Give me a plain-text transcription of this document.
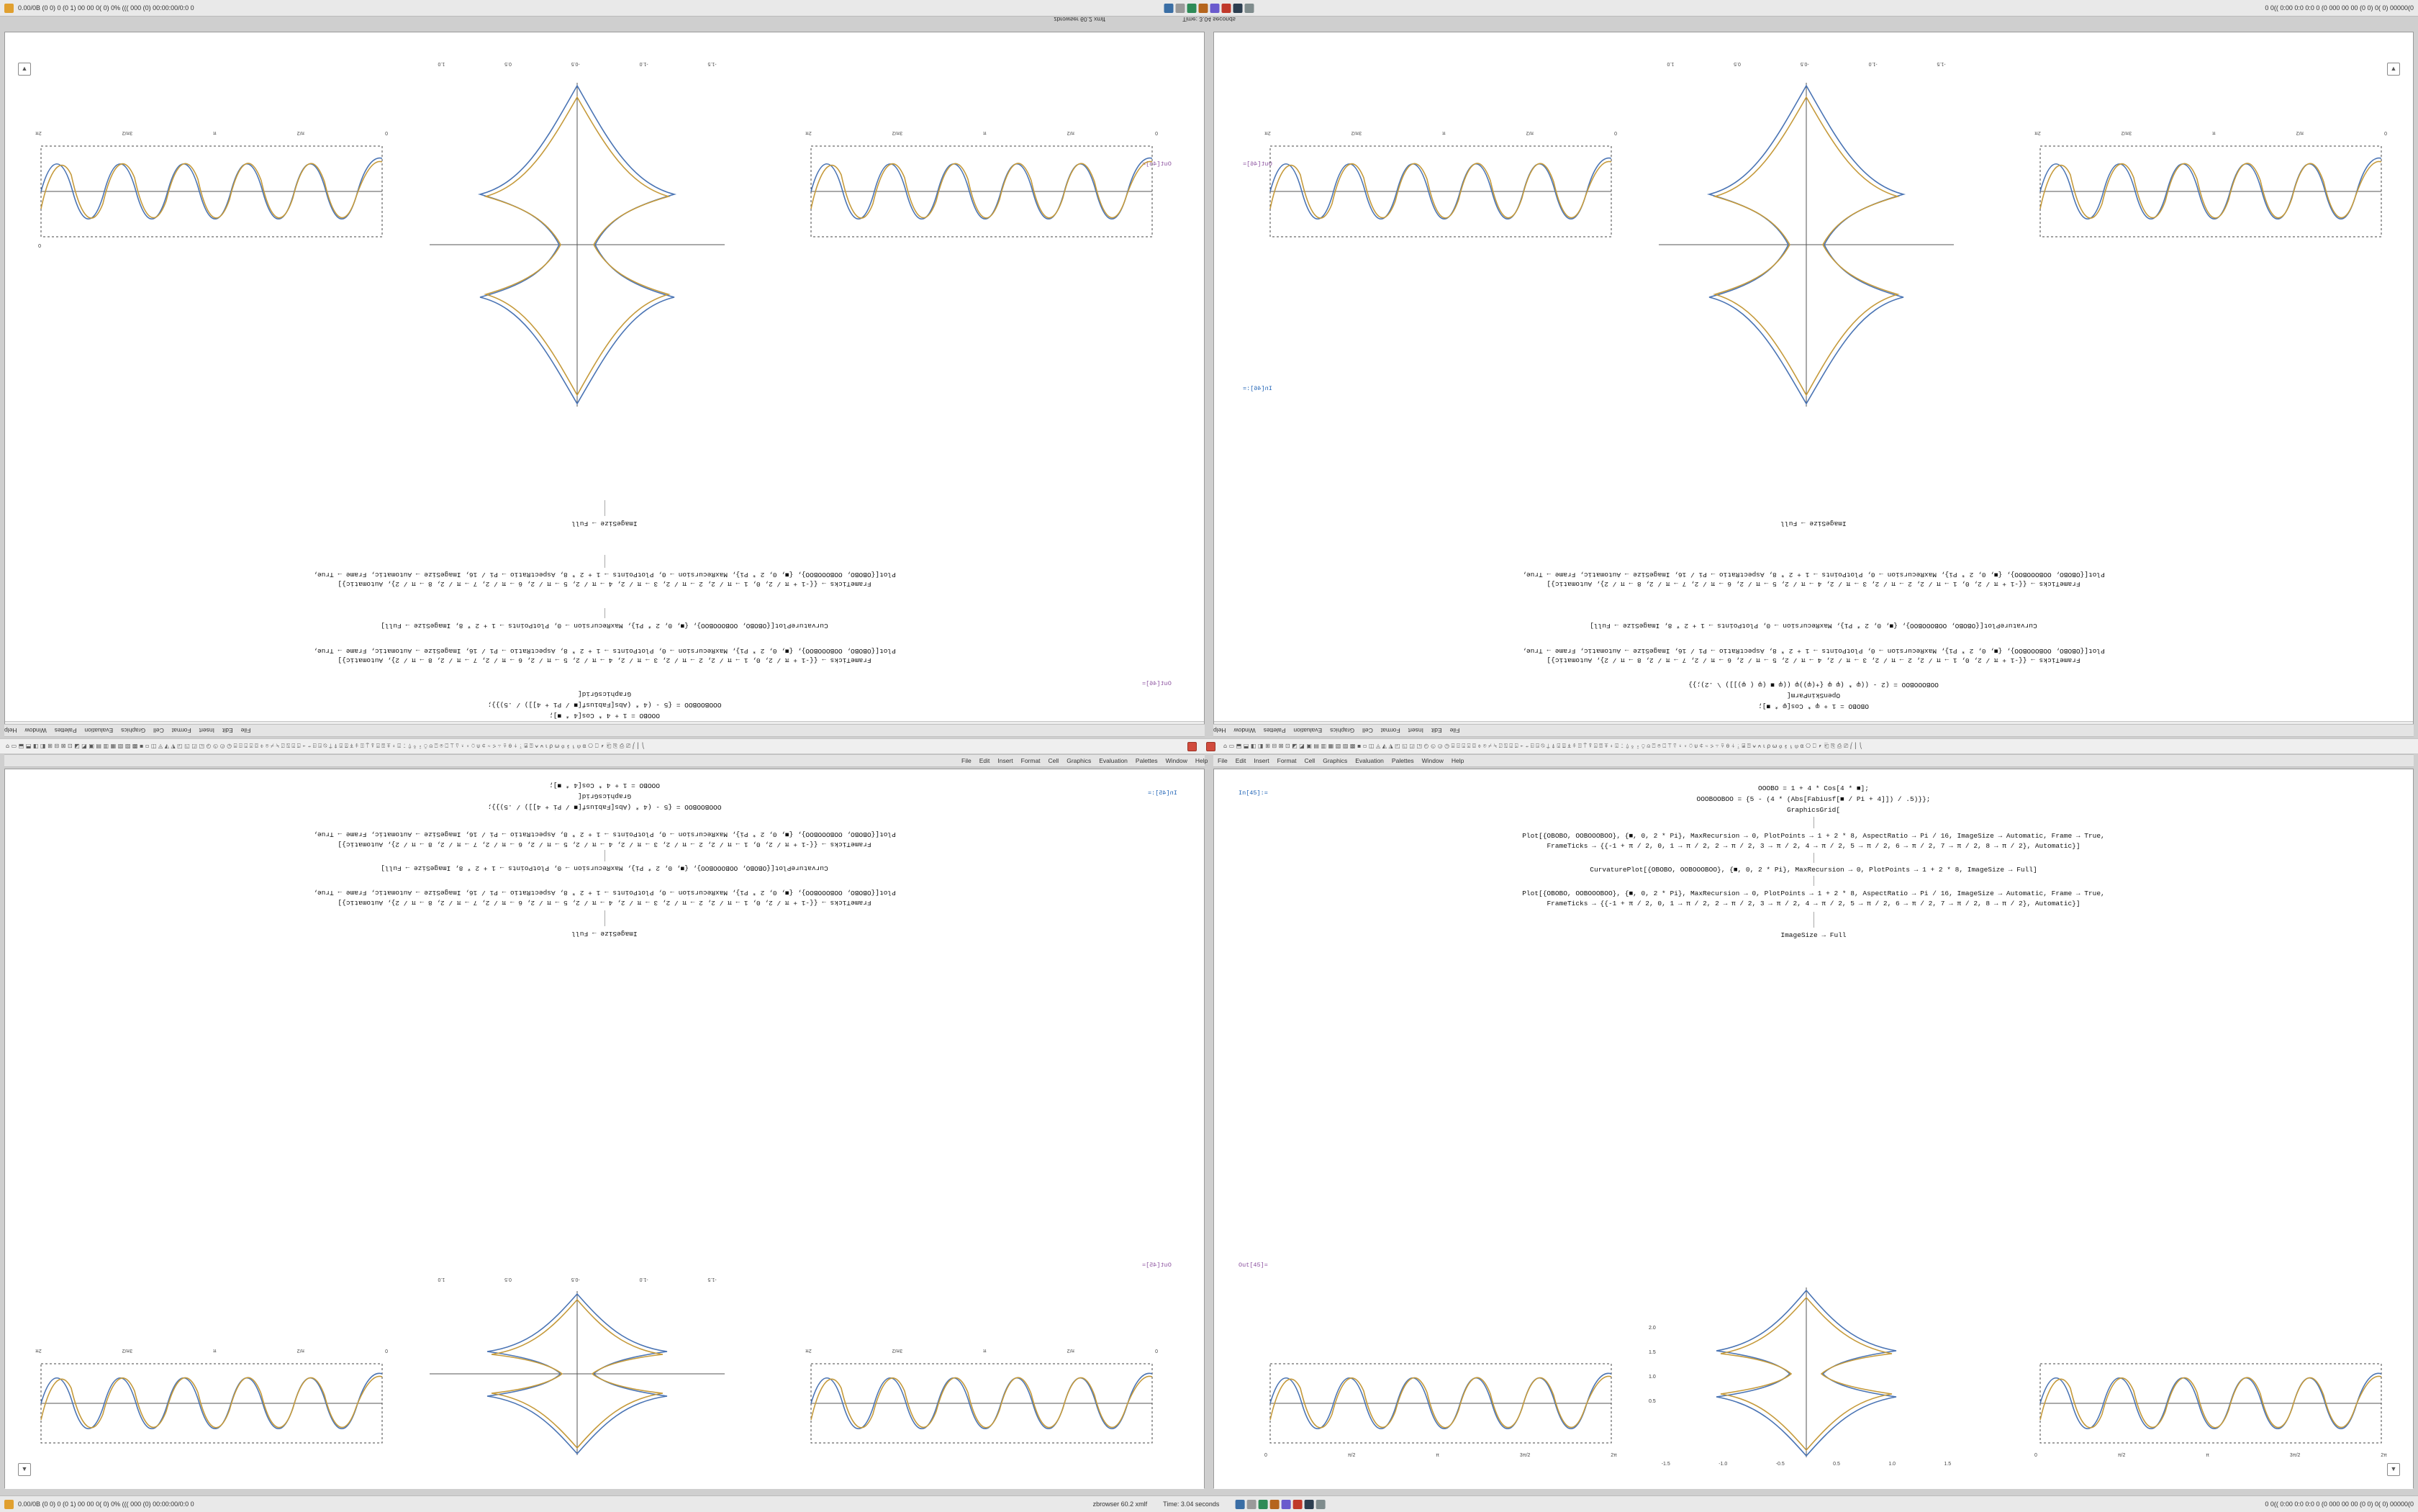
0.00/0B (0 0) 0 (0 1) 00 00 0( 0) 0% ((( 000 (0) 00:00:00/0:0 0	0 0(( 0:00 0:0 0:0 0 (0 000 00 00 (0 0) 0( 0) 00000(0
Time: 3.04 seconds
zbrowser 60.2 xmlf
▲
Out[46]=
Out[46]=
0
0
π/2
π
3π/2
2π
-1.5
-1.0
-0.5
0.5
1.0
0
π/2
π
3π/2
2π
ImageSize → Full
FrameTicks → {{-1 + π / 2, 0, 1 → π / 2, 2 → π / 2, 3 → π / 2, 4 → π / 2, 5 → π / 2, 6 → π / 2, 7 → π / 2, 8 → π / 2}, Automatic}]
Plot[{OBOBO, OOBOOOBOO}, {■, 0, 2 * Pi}, MaxRecursion → 0, PlotPoints → 1 + 2 * 8, AspectRatio → Pi / 16, ImageSize → Automatic, Frame → True,
CurvaturePlot[{OBOBO, OOBOOOBOO}, {■, 0, 2 * Pi}, MaxRecursion → 0, PlotPoints → 1 + 2 * 8, ImageSize → Full]
FrameTicks → {{-1 + π / 2, 0, 1 → π / 2, 2 → π / 2, 3 → π / 2, 4 → π / 2, 5 → π / 2, 6 → π / 2, 7 → π / 2, 8 → π / 2}, Automatic}]
Plot[{OBOBO, OOBOOOBOO}, {■, 0, 2 * Pi}, MaxRecursion → 0, PlotPoints → 1 + 2 * 8, AspectRatio → Pi / 16, ImageSize → Automatic, Frame → True,
GraphicsGrid[
OOOBOOBOO = {5 - (4 * (Abs[Fabiusf[■ / Pi + 4]]) / .5)}};
OOOBO = 1 + 4 * Cos[4 * ■];
▲
Out[46]=
In[46]:=
0
π/2
π
3π/2
2π
-1.5
-1.0
-0.5
0.5
1.0
0
π/2
π
3π/2
2π
ImageSize → Full
FrameTicks → {{-1 + π / 2, 0, 1 → π / 2, 2 → π / 2, 3 → π / 2, 4 → π / 2, 5 → π / 2, 6 → π / 2, 7 → π / 2, 8 → π / 2}, Automatic}]
Plot[{OBOBO, OOBOOOBOO}, {■, 0, 2 * Pi}, MaxRecursion → 0, PlotPoints → 1 + 2 * 8, AspectRatio → Pi / 16, ImageSize → Automatic, Frame → True,
CurvaturePlot[{OBOBO, OOBOOOBOO}, {■, 0, 2 * Pi}, MaxRecursion → 0, PlotPoints → 1 + 2 * 8, ImageSize → Full]
FrameTicks → {{-1 + π / 2, 0, 1 → π / 2, 2 → π / 2, 3 → π / 2, 4 → π / 2, 5 → π / 2, 6 → π / 2, 7 → π / 2, 8 → π / 2}, Automatic}]
Plot[{OBOBO, OOBOOOBOO}, {■, 0, 2 * Pi}, MaxRecursion → 0, PlotPoints → 1 + 2 * 8, AspectRatio → Pi / 16, ImageSize → Automatic, Frame → True,
OOBOOOBOO = (2 - ((φ * (φ φ {+(φ))φ ((φ ■ (φ ( φ)]]) \ .2);}}
OpenSkinParm[
OBOBO = 1 + φ * Cos[φ * ■];
File
Edit
Insert
Format
Cell
Graphics
Evaluation
Palettes
Window
Help	File
Edit
Insert
Format
Cell
Graphics
Evaluation
Palettes
Window
Help
⌂ ▭ ⬒ ⬓ ◧ ◨ ⊞ ⊟ ⊠ ⊡ ◩ ◪ ▣ ▤ ▥ ▦ ▧ ▨ ▩ ▪ ▫ ◫ ◬ ◭ ◮ ◰ ◱ ◲ ◳ ◴ ◵ ◶ ◷ ⌸ ⌹ ⌺ ⌻ ⌼ ⌽ ⌾ ⌿ ⍀ ⍁ ⍂ ⍃ ⍄ ⍅ ⍆ ⍇ ⍈ ⍉ ⍊ ⍋ ⍌ ⍍ ⍎ ⍏ ⍐ ⍑ ⍒ ⍓ ⍔ ⍕ ⍖ ⍗ ⍘ ⍙ ⍚ ⍛ ⍜ ⍝ ⍞ ⍟ ⍠ ⍡ ⍢ ⍣ ⍤ ⍥ ⍦ ⍧ ⍨ ⍩ ⍪ ⍫ ⍬ ⍭ ⍮ ⍯ ⍰ ⍱ ⍲ ⍳ ⍴ ⍵ ⍶ ⍷ ⍸ ⍹ ⍺ ⎔ ⎕ ⎖ ⎗ ⎘ ⎙ ⎚ ⎛ ⎜ ⎝	⌂ ▭ ⬒ ⬓ ◧ ◨ ⊞ ⊟ ⊠ ⊡ ◩ ◪ ▣ ▤ ▥ ▦ ▧ ▨ ▩ ▪ ▫ ◫ ◬ ◭ ◮ ◰ ◱ ◲ ◳ ◴ ◵ ◶ ◷ ⌸ ⌹ ⌺ ⌻ ⌼ ⌽ ⌾ ⌿ ⍀ ⍁ ⍂ ⍃ ⍄ ⍅ ⍆ ⍇ ⍈ ⍉ ⍊ ⍋ ⍌ ⍍ ⍎ ⍏ ⍐ ⍑ ⍒ ⍓ ⍔ ⍕ ⍖ ⍗ ⍘ ⍙ ⍚ ⍛ ⍜ ⍝ ⍞ ⍟ ⍠ ⍡ ⍢ ⍣ ⍤ ⍥ ⍦ ⍧ ⍨ ⍩ ⍪ ⍫ ⍬ ⍭ ⍮ ⍯ ⍰ ⍱ ⍲ ⍳ ⍴ ⍵ ⍶ ⍷ ⍸ ⍹ ⍺ ⎔ ⎕ ⎖ ⎗ ⎘ ⎙ ⎚ ⎛ ⎜ ⎝
File Edit Insert Format Cell Graphics Evaluation Palettes Window Help File Edit Insert Format Cell Graphics Evaluation Palettes Window Help
In[45]:=
Out[45]=
OOOBO = 1 + 4 * Cos[4 * ■];
GraphicsGrid[
OOOBOOBOO = {5 - (4 * (Abs[Fabiusf[■ / Pi + 4]]) / .5)}};
Plot[{OBOBO, OOBOOOBOO}, {■, 0, 2 * Pi}, MaxRecursion → 0, PlotPoints → 1 + 2 * 8, AspectRatio → Pi / 16, ImageSize → Automatic, Frame → True,
FrameTicks → {{-1 + π / 2, 0, 1 → π / 2, 2 → π / 2, 3 → π / 2, 4 → π / 2, 5 → π / 2, 6 → π / 2, 7 → π / 2, 8 → π / 2}, Automatic}]
CurvaturePlot[{OBOBO, OOBOOOBOO}, {■, 0, 2 * Pi}, MaxRecursion → 0, PlotPoints → 1 + 2 * 8, ImageSize → Full]
Plot[{OBOBO, OOBOOOBOO}, {■, 0, 2 * Pi}, MaxRecursion → 0, PlotPoints → 1 + 2 * 8, AspectRatio → Pi / 16, ImageSize → Automatic, Frame → True,
FrameTicks → {{-1 + π / 2, 0, 1 → π / 2, 2 → π / 2, 3 → π / 2, 4 → π / 2, 5 → π / 2, 6 → π / 2, 7 → π / 2, 8 → π / 2}, Automatic}]
ImageSize → Full
0
π/2
π
3π/2
2π
-1.5
-1.0
-0.5
0.5
1.0
0
π/2
π
3π/2
2π
▼
In[45]:=
Out[45]=
OOOBO = 1 + 4 * Cos[4 * ■];
OOOBOOBOO = {5 - (4 * (Abs[Fabiusf[■ / Pi + 4]]) / .5)}};
GraphicsGrid[
Plot[{OBOBO, OOBOOOBOO}, {■, 0, 2 * Pi}, MaxRecursion → 0, PlotPoints → 1 + 2 * 8, AspectRatio → Pi / 16, ImageSize → Automatic, Frame → True,
FrameTicks → {{-1 + π / 2, 0, 1 → π / 2, 2 → π / 2, 3 → π / 2, 4 → π / 2, 5 → π / 2, 6 → π / 2, 7 → π / 2, 8 → π / 2}, Automatic}]
CurvaturePlot[{OBOBO, OOBOOOBOO}, {■, 0, 2 * Pi}, MaxRecursion → 0, PlotPoints → 1 + 2 * 8, ImageSize → Full]
Plot[{OBOBO, OOBOOOBOO}, {■, 0, 2 * Pi}, MaxRecursion → 0, PlotPoints → 1 + 2 * 8, AspectRatio → Pi / 16, ImageSize → Automatic, Frame → True,
FrameTicks → {{-1 + π / 2, 0, 1 → π / 2, 2 → π / 2, 3 → π / 2, 4 → π / 2, 5 → π / 2, 6 → π / 2, 7 → π / 2, 8 → π / 2}, Automatic}]
ImageSize → Full
0	π/2	π	3π/2	2π
2.0
1.5
1.0
0.5
-1.5	-1.0	-0.5	0.5	1.0	1.5
0	π/2	π	3π/2	2π
▼
0.00/0B (0 0) 0 (0 1) 00 00 0( 0) 0% ((( 000 (0) 00:00:00/0:0 0	zbrowser 60.2 xmlf Time: 3.04 seconds	0 0(( 0:00 0:0 0:0 0 (0 000 00 00 (0 0) 0( 0) 00000(0
